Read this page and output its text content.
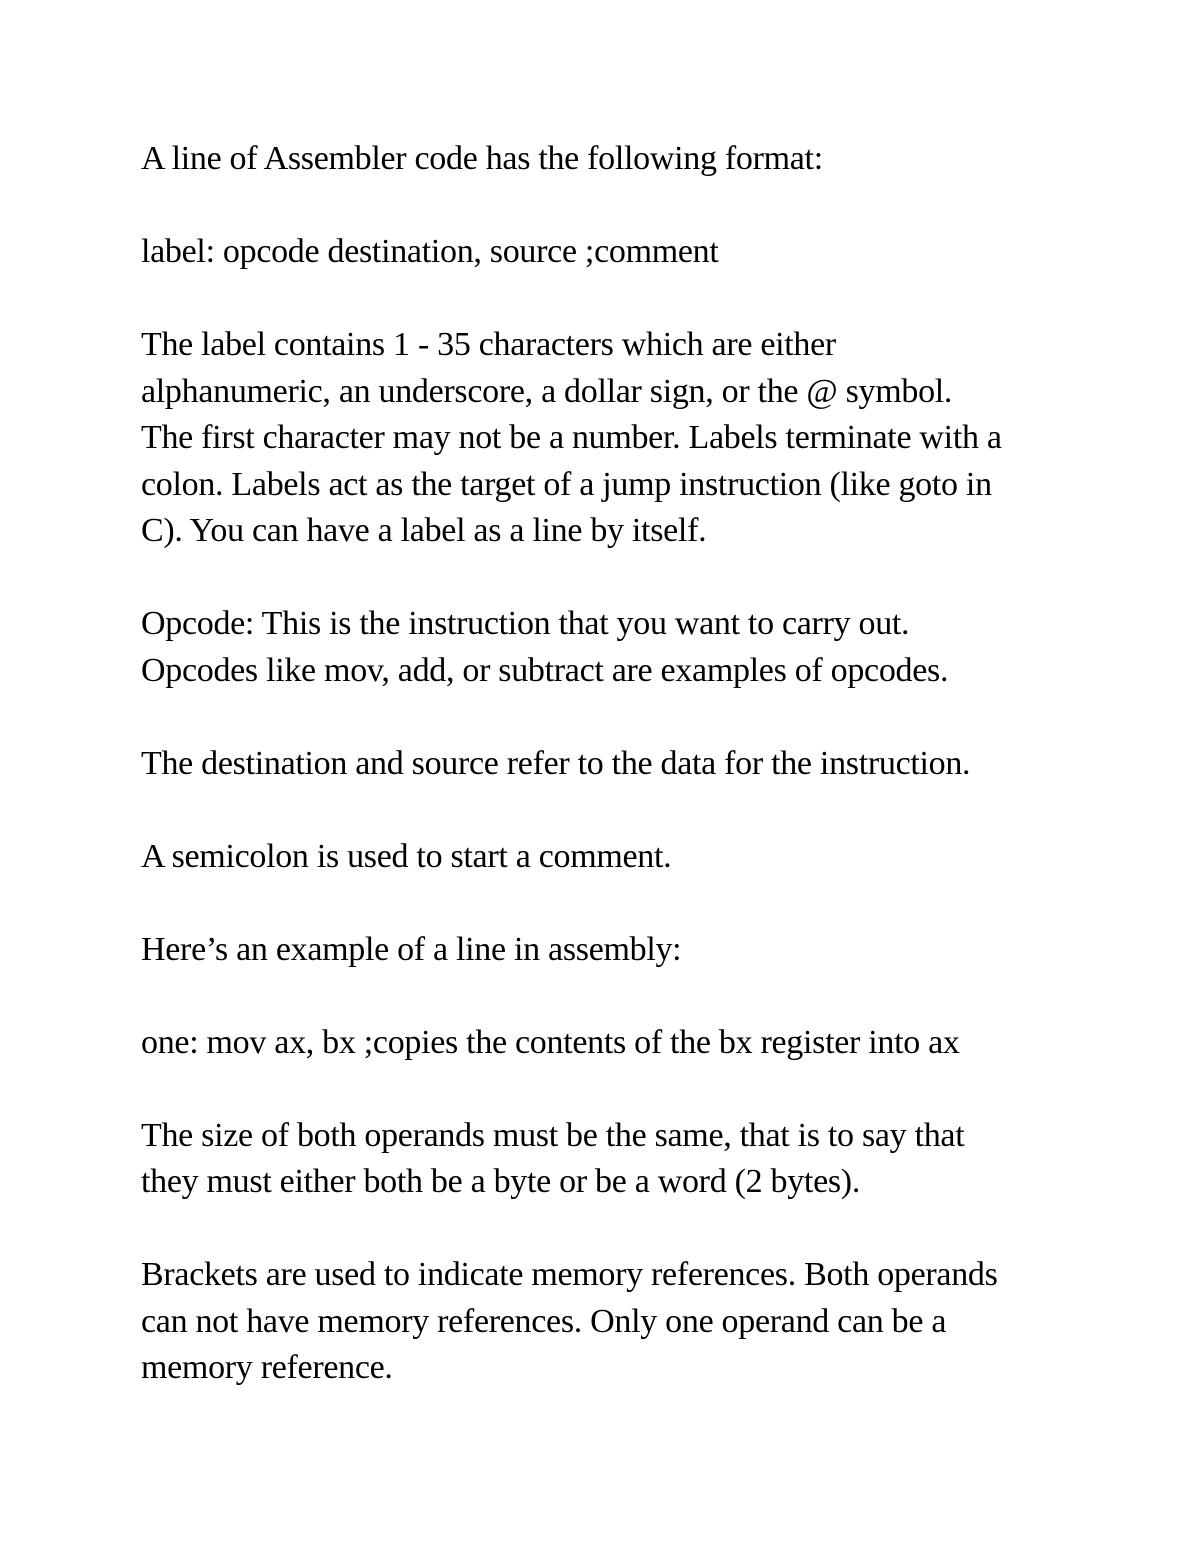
A line of Assembler code has the following format:

label: opcode destination, source ;comment

The label contains 1 - 35 characters which are either
alphanumeric, an underscore, a dollar sign, or the @ symbol.
The first character may not be a number. Labels terminate with a
colon. Labels act as the target of a jump instruction (like goto in
C). You can have a label as a line by itself.

Opcode: This is the instruction that you want to carry out.
Opcodes like mov, add, or subtract are examples of opcodes.

The destination and source refer to the data for the instruction.

A semicolon is used to start a comment.

Here’s an example of a line in assembly:

one: mov ax, bx ;copies the contents of the bx register into ax

The size of both operands must be the same, that is to say that
they must either both be a byte or be a word (2 bytes).

Brackets are used to indicate memory references. Both operands
can not have memory references. Only one operand can be a
memory reference.
